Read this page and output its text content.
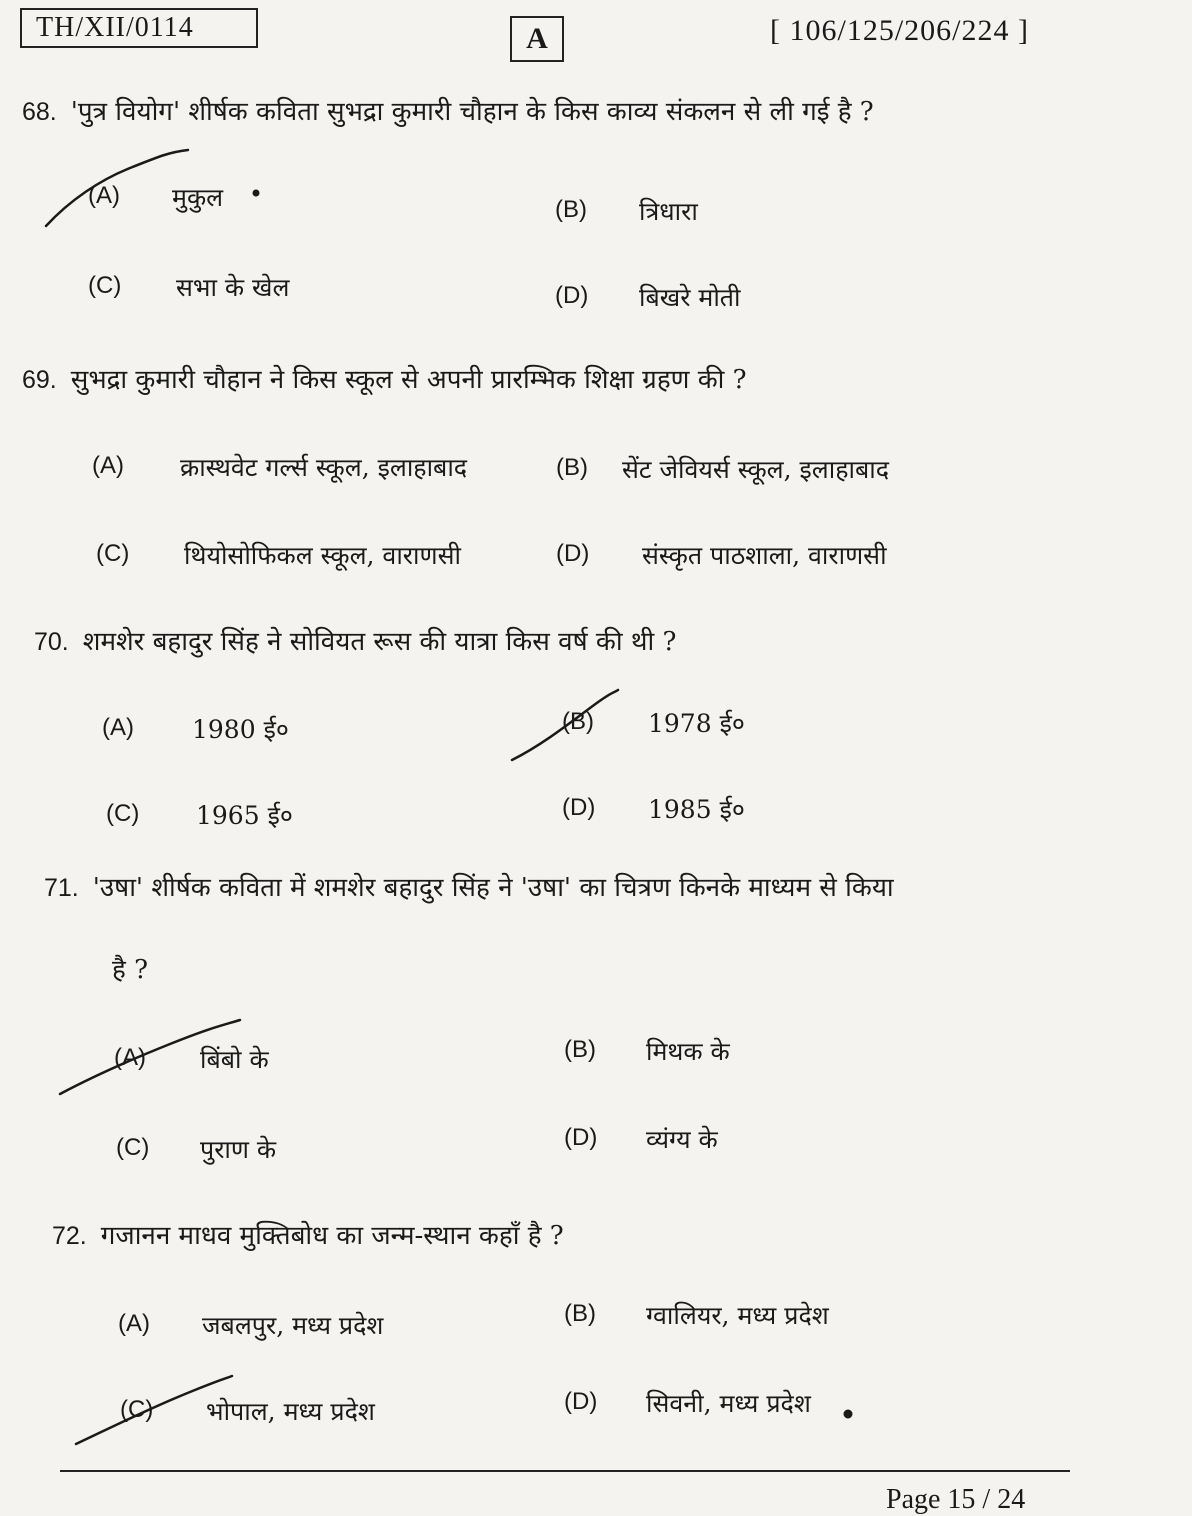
TH/XII/0114	A	[ 106/125/206/224 ]
68. 'पुत्र वियोग' शीर्षक कविता सुभद्रा कुमारी चौहान के किस काव्य संकलन से ली गई है ?
(A) मुकुल	(B) त्रिधारा
(C) सभा के खेल	(D) बिखरे मोती
69. सुभद्रा कुमारी चौहान ने किस स्कूल से अपनी प्रारम्भिक शिक्षा ग्रहण की ?
(A) क्रास्थवेट गर्ल्स स्कूल, इलाहाबाद	(B) सेंट जेवियर्स स्कूल, इलाहाबाद
(C) थियोसोफिकल स्कूल, वाराणसी	(D) संस्कृत पाठशाला, वाराणसी
70. शमशेर बहादुर सिंह ने सोवियत रूस की यात्रा किस वर्ष की थी ?
(A) 1980 ई०	(B) 1978 ई०
(C) 1965 ई०	(D) 1985 ई०
71. 'उषा' शीर्षक कविता में शमशेर बहादुर सिंह ने 'उषा' का चित्रण किनके माध्यम से किया
है ?
(A) बिंबो के	(B) मिथक के
(C) पुराण के	(D) व्यंग्य के
72. गजानन माधव मुक्तिबोध का जन्म-स्थान कहाँ है ?
(A) जबलपुर, मध्य प्रदेश	(B) ग्वालियर, मध्य प्रदेश
(C) भोपाल, मध्य प्रदेश	(D) सिवनी, मध्य प्रदेश
Page 15 / 24
